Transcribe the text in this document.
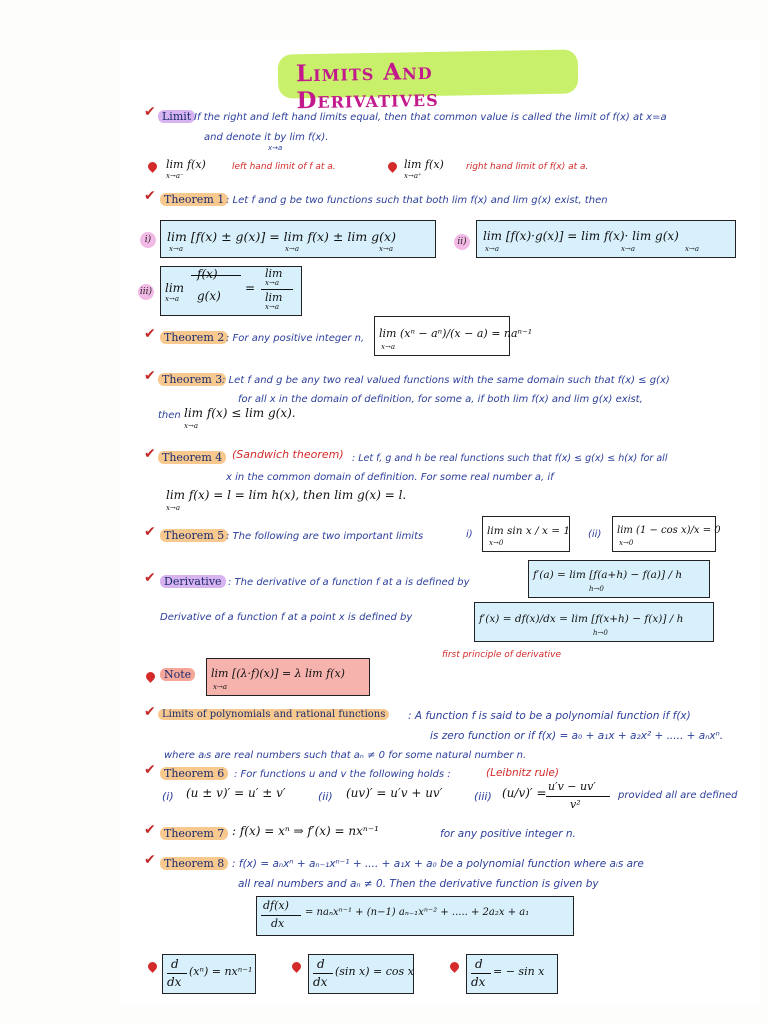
Limits And Derivatives
✔ Limit If the right and left hand limits equal, then that common value is called the limit of f(x) at x=a
and denote it by lim f(x).
x→a
lim f(x)
x→a⁻
left hand limit of f at a.	lim f(x)
x→a⁺
right hand limit of f(x) at a.
✔ Theorem 1 : Let f and g be two functions such that both lim f(x) and lim g(x) exist, then
i)	lim [f(x) ± g(x)] = lim f(x) ± lim g(x)
x→a	x→a	x→a
ii) lim [f(x)·g(x)] = lim f(x)· lim g(x)
x→a	x→a	x→a
iii) lim
x→a
f(x)
g(x)
=
lim
x→a
lim
x→a
✔ Theorem 2 : For any positive integer n, lim (xⁿ − aⁿ)/(x − a) = naⁿ⁻¹
x→a
✔ Theorem 3 : Let f and g be any two real valued functions with the same domain such that f(x) ≤ g(x)
for all x in the domain of definition, for some a, if both lim f(x) and lim g(x) exist,
then lim f(x) ≤ lim g(x).
x→a
✔ Theorem 4 (Sandwich theorem) : Let f, g and h be real functions such that f(x) ≤ g(x) ≤ h(x) for all
x in the common domain of definition. For some real number a, if
lim f(x) = l = lim h(x), then lim g(x) = l.
x→a
✔ Theorem 5 : The following are two important limits	i) lim sin x / x = 1
x→0
(ii) lim (1 − cos x)/x = 0
x→0
✔ Derivative : The derivative of a function f at a is defined by
f′(a) = lim [f(a+h) − f(a)] / h
h→0
Derivative of a function f at a point x is defined by	f′(x) = df(x)/dx = lim [f(x+h) − f(x)] / h
h→0
first principle of derivative
Note	lim [(λ·f)(x)] = λ lim f(x)
x→a
✔ Limits of polynomials and rational functions	: A function f is said to be a polynomial function if f(x)
is zero function or if f(x) = a₀ + a₁x + a₂x² + ..... + aₙxⁿ.
where aᵢs are real numbers such that aₙ ≠ 0 for some natural number n.
✔ Theorem 6 : For functions u and v the following holds :	(Leibnitz rule)
(i) (u ± v)′ = u′ ± v′	(ii) (uv)′ = u′v + uv′	(iii) (u/v)′ = u′v − uv′
v²
provided all are defined
✔ Theorem 7 : f(x) = xⁿ ⇒ f′(x) = nxⁿ⁻¹	for any positive integer n.
✔ Theorem 8 : f(x) = aₙxⁿ + aₙ₋₁xⁿ⁻¹ + .... + a₁x + a₀ be a polynomial function where aᵢs are
all real numbers and aₙ ≠ 0. Then the derivative function is given by
df(x)
dx
= naₙxⁿ⁻¹ + (n−1) aₙ₋₁xⁿ⁻² + ..... + 2a₂x + a₁
d
dx
(xⁿ) = nxⁿ⁻¹
d
dx
(sin x) = cos x
d
dx
= − sin x
